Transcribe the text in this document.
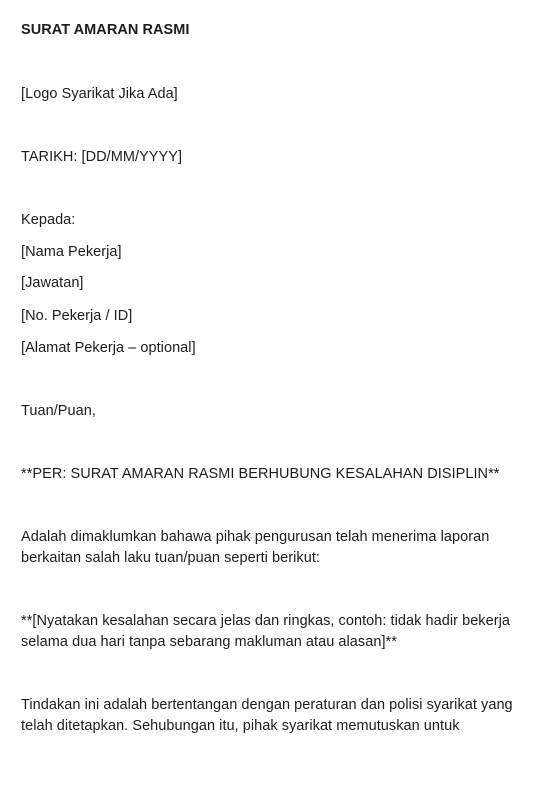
SURAT AMARAN RASMI
[Logo Syarikat Jika Ada]
TARIKH: [DD/MM/YYYY]
Kepada:
[Nama Pekerja]
[Jawatan]
[No. Pekerja / ID]
[Alamat Pekerja – optional]
Tuan/Puan,
**PER: SURAT AMARAN RASMI BERHUBUNG KESALAHAN DISIPLIN**
Adalah dimaklumkan bahawa pihak pengurusan telah menerima laporan
berkaitan salah laku tuan/puan seperti berikut:
**[Nyatakan kesalahan secara jelas dan ringkas, contoh: tidak hadir bekerja
selama dua hari tanpa sebarang makluman atau alasan]**
Tindakan ini adalah bertentangan dengan peraturan dan polisi syarikat yang
telah ditetapkan. Sehubungan itu, pihak syarikat memutuskan untuk
